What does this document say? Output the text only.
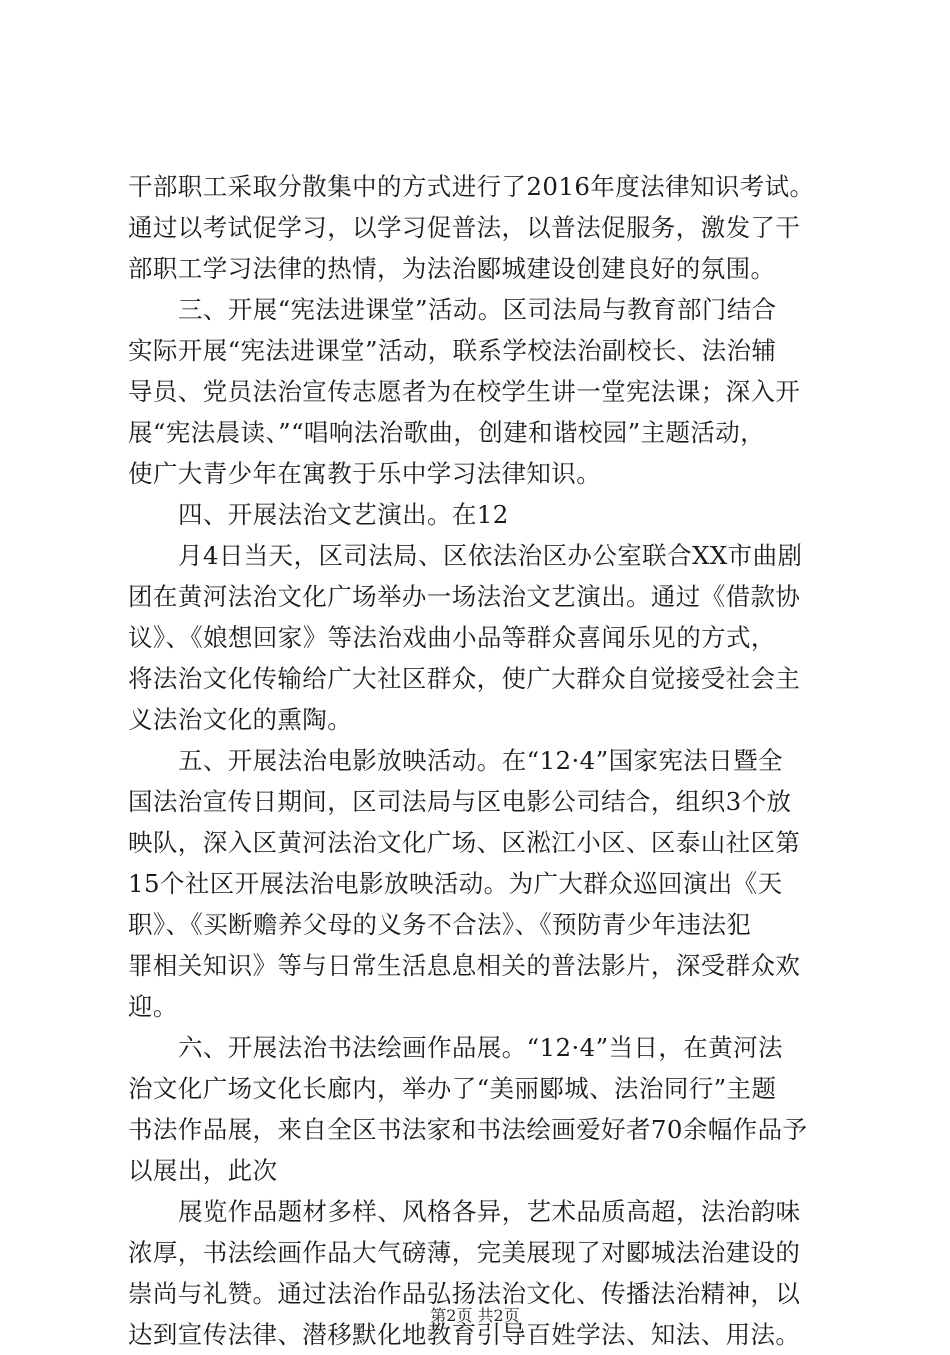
干部职工采取分散集中的方式进行了2016年度法律知识考试。
通过以考试促学习，以学习促普法，以普法促服务，激发了干
部职工学习法律的热情，为法治郾城建设创建良好的氛围。
三、开展“宪法进课堂”活动。区司法局与教育部门结合
实际开展“宪法进课堂”活动，联系学校法治副校长、法治辅
导员、党员法治宣传志愿者为在校学生讲一堂宪法课；深入开
展“宪法晨读、”“唱响法治歌曲，创建和谐校园”主题活动，
使广大青少年在寓教于乐中学习法律知识。
四、开展法治文艺演出。在12
月4日当天，区司法局、区依法治区办公室联合XX市曲剧
团在黄河法治文化广场举办一场法治文艺演出。通过《借款协
议》、《娘想回家》等法治戏曲小品等群众喜闻乐见的方式，
将法治文化传输给广大社区群众，使广大群众自觉接受社会主
义法治文化的熏陶。
五、开展法治电影放映活动。在“12·4”国家宪法日暨全
国法治宣传日期间，区司法局与区电影公司结合，组织3个放
映队，深入区黄河法治文化广场、区淞江小区、区泰山社区第
15个社区开展法治电影放映活动。为广大群众巡回演出《天
职》、《买断赡养父母的义务不合法》、《预防青少年违法犯
罪相关知识》等与日常生活息息相关的普法影片，深受群众欢
迎。
六、开展法治书法绘画作品展。“12·4”当日，在黄河法
治文化广场文化长廊内，举办了“美丽郾城、法治同行”主题
书法作品展，来自全区书法家和书法绘画爱好者70余幅作品予
以展出，此次
展览作品题材多样、风格各异，艺术品质高超，法治韵味
浓厚，书法绘画作品大气磅薄，完美展现了对郾城法治建设的
崇尚与礼赞。通过法治作品弘扬法治文化、传播法治精神，以
达到宣传法律、潜移默化地教育引导百姓学法、知法、用法。
第2页 共2页
